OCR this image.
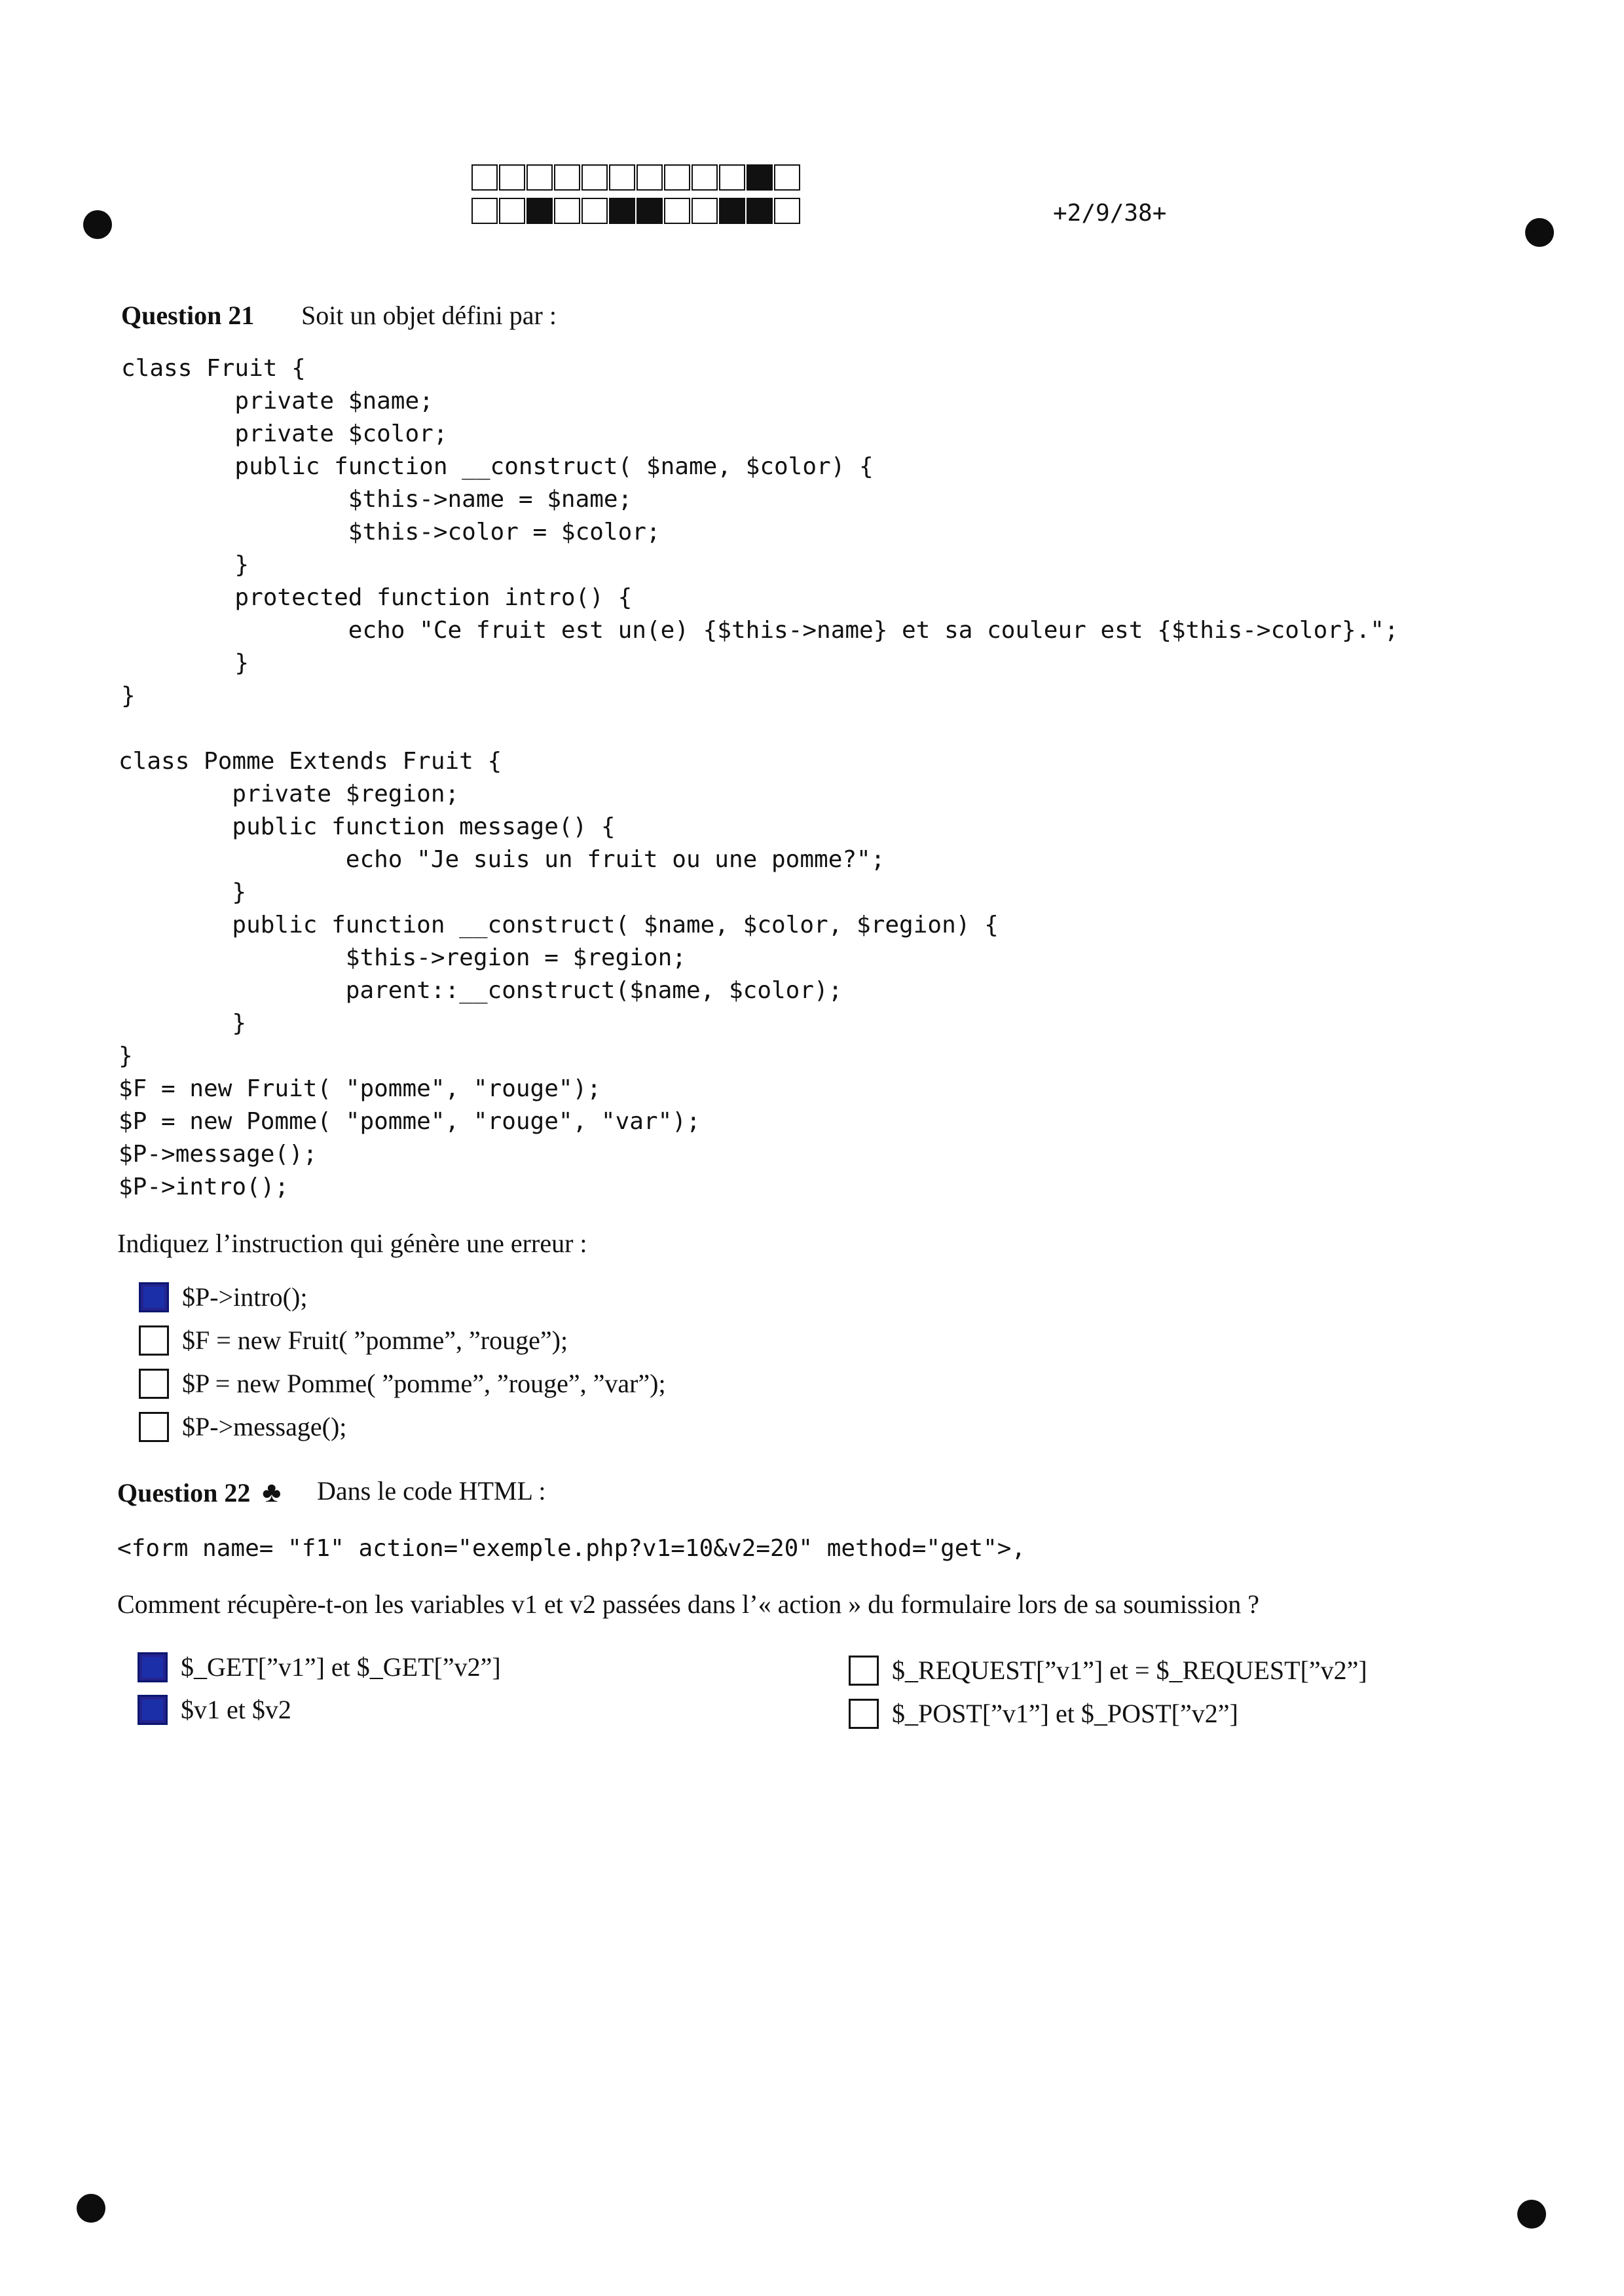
+2/9/38+
Question 21 Soit un objet défini par :
class Fruit {
private $name;
private $color;
public function __construct( $name, $color) {
$this->name = $name;
$this->color = $color;
}
protected function intro() {
echo "Ce fruit est un(e) {$this->name} et sa couleur est {$this->color}.";
}
}
class Pomme Extends Fruit {
private $region;
public function message() {
echo "Je suis un fruit ou une pomme?";
}
public function __construct( $name, $color, $region) {
$this->region = $region;
parent::__construct($name, $color);
}
}
$F = new Fruit( "pomme", "rouge");
$P = new Pomme( "pomme", "rouge", "var");
$P->message();
$P->intro();
Indiquez l’instruction qui génère une erreur :
$P->intro();
$F = new Fruit( ”pomme”, ”rouge”);
$P = new Pomme( ”pomme”, ”rouge”, ”var”);
$P->message();
Question 22 ♣ Dans le code HTML :
<form name= "f1" action="exemple.php?v1=10&v2=20" method="get">,
Comment récupère-t-on les variables v1 et v2 passées dans l’« action » du formulaire lors de sa soumission ?
$_GET[”v1”] et $_GET[”v2”]
$v1 et $v2
$_REQUEST[”v1”] et = $_REQUEST[”v2”]
$_POST[”v1”] et $_POST[”v2”]
